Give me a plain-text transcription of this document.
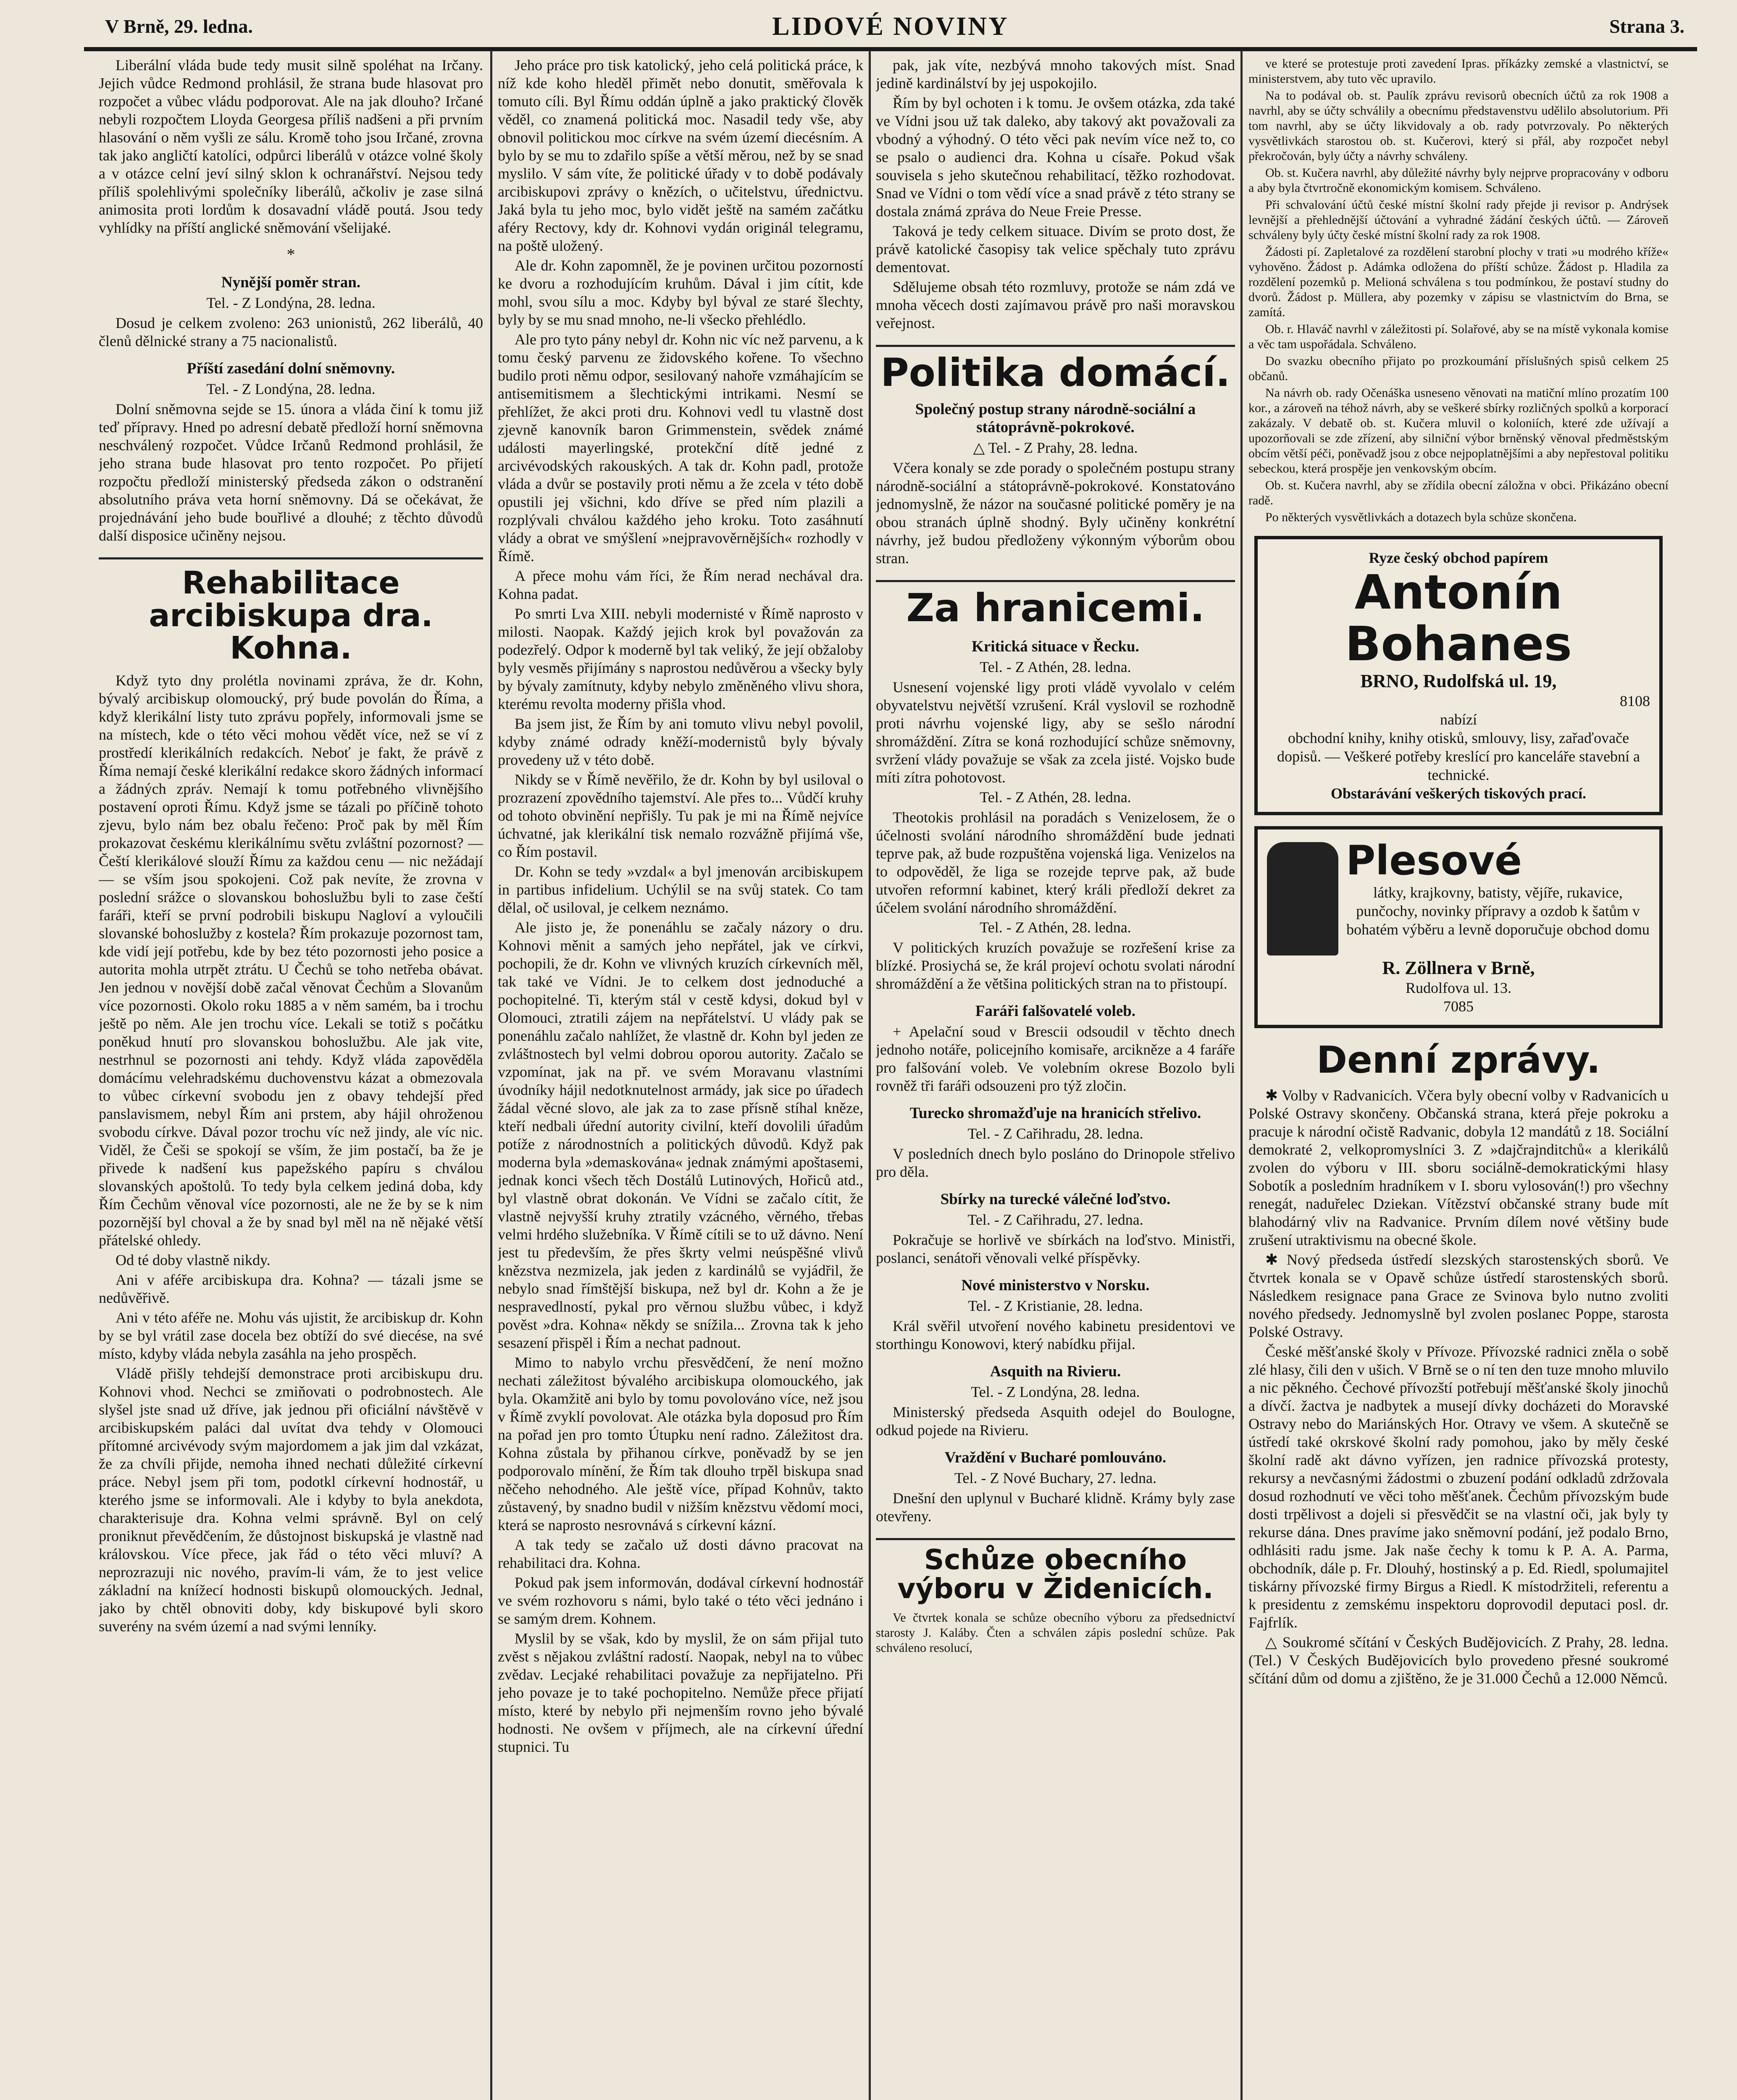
V Brně, 29. ledna.	LIDOVÉ NOVINY	Strana 3.

Liberální vláda bude tedy musit silně spoléhat na Irčany. Jejich vůdce Redmond prohlásil, že strana bude hlasovat pro rozpočet a vůbec vládu podporovat. Ale na jak dlouho? Irčané nebyli rozpočtem Lloyda Georgesa příliš nadšeni a při prvním hlasování o něm vyšli ze sálu. Kromě toho jsou Irčané, zrovna tak jako angličtí katolíci, odpůrci liberálů v otázce volné školy a v otázce celní jeví silný sklon k ochranářství. Nejsou tedy příliš spolehlivými společníky liberálů, ačkoliv je zase silná animosita proti lordům k dosavadní vládě poutá. Jsou tedy vyhlídky na příští anglické sněmování všelijaké.

*
Nynější poměr stran.
Tel. - Z Londýna, 28. ledna.

Dosud je celkem zvoleno: 263 unionistů, 262 liberálů, 40 členů dělnické strany a 75 nacionalistů.

Příští zasedání dolní sněmovny.
Tel. - Z Londýna, 28. ledna.

Dolní sněmovna sejde se 15. února a vláda činí k tomu již teď přípravy. Hned po adresní debatě předloží horní sněmovna neschválený rozpočet. Vůdce Irčanů Redmond prohlásil, že jeho strana bude hlasovat pro tento rozpočet. Po přijetí rozpočtu předloží ministerský předseda zákon o odstranění absolutního práva veta horní sněmovny. Dá se očekávat, že projednávání jeho bude bouřlivé a dlouhé; z těchto důvodů další disposice učiněny nejsou.

Rehabilitace arcibiskupa dra. Kohna.

Když tyto dny prolétla novinami zpráva, že dr. Kohn, bývalý arcibiskup olomoucký, prý bude povolán do Říma, a když klerikální listy tuto zprávu popřely, informovali jsme se na místech, kde o této věci mohou vědět více, než se ví z prostředí klerikálních redakcích. Neboť je fakt, že právě z Říma nemají české klerikální redakce skoro žádných informací a žádných zpráv. Nemají k tomu potřebného vlivnějšího postavení oproti Římu. Když jsme se tázali po příčině tohoto zjevu, bylo nám bez obalu řečeno: Proč pak by měl Řím prokazovat českému klerikálnímu světu zvláštní pozornost? — Čeští klerikálové slouží Římu za každou cenu — nic nežádají — se vším jsou spokojeni. Což pak nevíte, že zrovna v poslední srážce o slovanskou bohoslužbu byli to zase čeští faráři, kteří se první podrobili biskupu Nagloví a vyloučili slovanské bohoslužby z kostela? Řím prokazuje pozornost tam, kde vidí její potřebu, kde by bez této pozornosti jeho posice a autorita mohla utrpět ztrátu. U Čechů se toho netřeba obávat. Jen jednou v novější době začal věnovat Čechům a Slovanům více pozornosti. Okolo roku 1885 a v něm samém, ba i trochu ještě po něm. Ale jen trochu více. Lekali se totiž s počátku poněkud hnutí pro slovanskou bohoslužbu. Ale jak vite, nestrhnul se pozornosti ani tehdy. Když vláda zapověděla domácímu velehradskému duchovenstvu kázat a obmezovala to vůbec církevní svobodu jen z obavy tehdejší před panslavismem, nebyl Řím ani prstem, aby hájil ohroženou svobodu církve. Dával pozor trochu víc než jindy, ale víc nic. Viděl, že Češi se spokojí se vším, že jim postačí, ba že je přivede k nadšení kus papežského papíru s chválou slovanských apoštolů. To tedy byla celkem jediná doba, kdy Řím Čechům věnoval více pozornosti, ale ne že by se k nim pozornější byl choval a že by snad byl měl na ně nějaké větší přátelské ohledy.

Od té doby vlastně nikdy.

Ani v aféře arcibiskupa dra. Kohna? — tázali jsme se nedůvěřivě.

Ani v této aféře ne. Mohu vás ujistit, že arcibiskup dr. Kohn by se byl vrátil zase docela bez obtíží do své diecése, na své místo, kdyby vláda nebyla zasáhla na jeho prospěch.

Vládě přišly tehdejší demonstrace proti arcibiskupu dru. Kohnovi vhod. Nechci se zmiňovati o podrobnostech. Ale slyšel jste snad už dříve, jak jednou při oficiální návštěvě v arcibiskupském paláci dal uvítat dva tehdy v Olomouci přítomné arcivévody svým majordomem a jak jim dal vzkázat, že za chvíli přijde, nemoha ihned nechati důležité církevní práce. Nebyl jsem při tom, podotkl církevní hodnostář, u kterého jsme se informovali. Ale i kdyby to byla anekdota, charakterisuje dra. Kohna velmi správně. Byl on celý proniknut převědčením, že důstojnost biskupská je vlastně nad královskou. Více přece, jak řád o této věci mluví? A neprozrazuji nic nového, pravím-li vám, že to jest velice základní na knížecí hodnosti biskupů olomouckých. Jednal, jako by chtěl obnoviti doby, kdy biskupové byli skoro suverény na svém území a nad svými lenníky.

Jeho práce pro tisk katolický, jeho celá politická práce, k níž kde koho hleděl přimět nebo donutit, směřovala k tomuto cíli. Byl Římu oddán úplně a jako praktický člověk věděl, co znamená politická moc. Nasadil tedy vše, aby obnovil politickou moc církve na svém území diecésním. A bylo by se mu to zdařilo spíše a větší měrou, než by se snad myslilo. V sám víte, že politické úřady v to době podávaly arcibiskupovi zprávy o knězích, o učitelstvu, úřednictvu. Jaká byla tu jeho moc, bylo vidět ještě na samém začátku aféry Rectovy, kdy dr. Kohnovi vydán originál telegramu, na poště uložený.

Ale dr. Kohn zapomněl, že je povinen určitou pozorností ke dvoru a rozhodujícím kruhům. Dával i jim cítit, kde mohl, svou sílu a moc. Kdyby byl býval ze staré šlechty, byly by se mu snad mnoho, ne-li všecko přehlédlo.

Ale pro tyto pány nebyl dr. Kohn nic víc než parvenu, a k tomu český parvenu ze židovského kořene. To všechno budilo proti němu odpor, sesilovaný nahoře vzmáhajícím se antisemitismem a šlechtickými intrikami. Nesmí se přehlížet, že akci proti dru. Kohnovi vedl tu vlastně dost zjevně kanovník baron Grimmenstein, svědek známé události mayerlingské, protekční dítě jedné z arcivévodských rakouských. A tak dr. Kohn padl, protože vláda a dvůr se postavily proti němu a že zcela v této době opustili jej všichni, kdo dříve se před ním plazili a rozplývali chválou každého jeho kroku. Toto zasáhnutí vlády a obrat ve smýšlení »nejpravověrnějších« rozhodly v Římě.

A přece mohu vám říci, že Řím nerad nechával dra. Kohna padat.

Po smrti Lva XIII. nebyli modernisté v Římě naprosto v milosti. Naopak. Každý jejich krok byl považován za podezřelý. Odpor k moderně byl tak veliký, že její obžaloby byly vesměs přijímány s naprostou nedůvěrou a všecky byly by bývaly zamítnuty, kdyby nebylo změněného vlivu shora, kterému revolta moderny přišla vhod.

Ba jsem jist, že Řím by ani tomuto vlivu nebyl povolil, kdyby známé odrady kněží-modernistů byly bývaly provedeny už v této době.

Nikdy se v Římě nevěřilo, že dr. Kohn by byl usiloval o prozrazení zpovědního tajemství. Ale přes to... Vůdčí kruhy od tohoto obvinění nepřišly. Tu pak je mi na Římě nejvíce úchvatné, jak klerikální tisk nemalo rozvážně přijímá vše, co Řím postavil.

Dr. Kohn se tedy »vzdal« a byl jmenován arcibiskupem in partibus infidelium. Uchýlil se na svůj statek. Co tam dělal, oč usiloval, je celkem neznámo.

Ale jisto je, že ponenáhlu se začaly názory o dru. Kohnovi měnit a samých jeho nepřátel, jak ve církvi, pochopili, že dr. Kohn ve vlivných kruzích církevních měl, tak také ve Vídni. Je to celkem dost jednoduché a pochopitelné. Ti, kterým stál v cestě kdysi, dokud byl v Olomouci, ztratili zájem na nepřátelství. U vlády pak se ponenáhlu začalo nahlížet, že vlastně dr. Kohn byl jeden ze zvláštnostech byl velmi dobrou oporou autority. Začalo se vzpomínat, jak na př. ve svém Moravanu vlastními úvodníky hájil nedotknutelnost armády, jak sice po úřadech žádal věcné slovo, ale jak za to zase přísně stíhal kněze, kteří nedbali úřední autority civilní, kteří dovolili úřadům potíže z národnostních a politických důvodů. Když pak moderna byla »demaskována« jednak známými apoštasemi, jednak konci všech těch Dostálů Lutinových, Hořiců atd., byl vlastně obrat dokonán. Ve Vídni se začalo cítit, že vlastně nejvyšší kruhy ztratily vzácného, věrného, třebas velmi hrdého služebníka. V Římě cítili se to už dávno. Není jest tu především, že přes škrty velmi neúspěšné vlivů knězstva nezmizela, jak jeden z kardinálů se vyjádřil, že nebylo snad římštější biskupa, než byl dr. Kohn a že je nespravedlností, pykal pro věrnou službu vůbec, i když pověst »dra. Kohna« někdy se snížila... Zrovna tak k jeho sesazení přispěl i Řím a nechat padnout.

Mimo to nabylo vrchu přesvědčení, že není možno nechati záležitost bývalého arcibiskupa olomouckého, jak byla. Okamžitě ani bylo by tomu povolováno více, než jsou v Římě zvyklí povolovat. Ale otázka byla doposud pro Řím na pořad jen pro tomto Útupku není radno. Záležitost dra. Kohna zůstala by přihanou církve, poněvadž by se jen podporovalo mínění, že Řím tak dlouho trpěl biskupa snad něčeho nehodného. Ale ještě více, případ Kohnův, takto zůstavený, by snadno budil v nižším knězstvu vědomí moci, která se naprosto nesrovnává s církevní kázní.

A tak tedy se začalo už dosti dávno pracovat na rehabilitaci dra. Kohna.

Pokud pak jsem informován, dodával církevní hodnostář ve svém rozhovoru s námi, bylo také o této věci jednáno i se samým drem. Kohnem.

Myslil by se však, kdo by myslil, že on sám přijal tuto zvěst s nějakou zvláštní radostí. Naopak, nebyl na to vůbec zvědav. Lecjaké rehabilitaci považuje za nepřijatelno. Při jeho povaze je to také pochopitelno. Nemůže přece přijatí místo, které by nebylo při nejmenším rovno jeho bývalé hodnosti. Ne ovšem v příjmech, ale na církevní úřední stupnici. Tu

pak, jak víte, nezbývá mnoho takových míst. Snad jedině kardinálství by jej uspokojilo.

Řím by byl ochoten i k tomu. Je ovšem otázka, zda také ve Vídni jsou už tak daleko, aby takový akt považovali za vbodný a výhodný. O této věci pak nevím více než to, co se psalo o audienci dra. Kohna u císaře. Pokud však souvisela s jeho skutečnou rehabilitací, těžko rozhodovat. Snad ve Vídni o tom vědí více a snad právě z této strany se dostala známá zpráva do Neue Freie Presse.

Taková je tedy celkem situace. Divím se proto dost, že právě katolické časopisy tak velice spěchaly tuto zprávu dementovat.

Sdělujeme obsah této rozmluvy, protože se nám zdá ve mnoha věcech dosti zajímavou právě pro naši moravskou veřejnost.

Politika domácí.
Společný postup strany národně-sociální a státoprávně-pokrokové.
△ Tel. - Z Prahy, 28. ledna.

Včera konaly se zde porady o společném postupu strany národně-sociální a státoprávně-pokrokové. Konstatováno jednomyslně, že názor na současné politické poměry je na obou stranách úplně shodný. Byly učiněny konkrétní návrhy, jež budou předloženy výkonným výborům obou stran.

Za hranicemi.
Kritická situace v Řecku.
Tel. - Z Athén, 28. ledna.

Usnesení vojenské ligy proti vládě vyvolalo v celém obyvatelstvu největší vzrušení. Král vyslovil se rozhodně proti návrhu vojenské ligy, aby se sešlo národní shromáždění. Zítra se koná rozhodující schůze sněmovny, svržení vlády považuje se však za zcela jisté. Vojsko bude míti zítra pohotovost.

Tel. - Z Athén, 28. ledna.

Theotokis prohlásil na poradách s Venizelosem, že o účelnosti svolání národního shromáždění bude jednati teprve pak, až bude rozpuštěna vojenská liga. Venizelos na to odpověděl, že liga se rozejde teprve pak, až bude utvořen reformní kabinet, který králi předloží dekret za účelem svolání národního shromáždění.

Tel. - Z Athén, 28. ledna.

V politických kruzích považuje se rozřešení krise za blízké. Prosiychá se, že král projeví ochotu svolati národní shromáždění a že většina politických stran na to přistoupí.

Faráři falšovatelé voleb.

+ Apelační soud v Brescii odsoudil v těchto dnech jednoho notáře, policejního komisaře, arcikněze a 4 faráře pro falšování voleb. Ve volebním okrese Bozolo byli rovněž tři faráři odsouzeni pro týž zločin.

Turecko shromažďuje na hranicích střelivo.
Tel. - Z Cařihradu, 28. ledna.

V posledních dnech bylo posláno do Drinopole střelivo pro děla.

Sbírky na turecké válečné loďstvo.
Tel. - Z Cařihradu, 27. ledna.

Pokračuje se horlivě ve sbírkách na loďstvo. Ministři, poslanci, senátoři věnovali velké příspěvky.

Nové ministerstvo v Norsku.
Tel. - Z Kristianie, 28. ledna.

Král svěřil utvoření nového kabinetu presidentovi ve storthingu Konowovi, který nabídku přijal.

Asquith na Rivieru.
Tel. - Z Londýna, 28. ledna.

Ministerský předseda Asquith odejel do Boulogne, odkud pojede na Rivieru.

Vraždění v Bucharé pomlouváno.
Tel. - Z Nové Buchary, 27. ledna.

Dnešní den uplynul v Bucharé klidně. Krámy byly zase otevřeny.

Schůze obecního výboru v Židenicích.

Ve čtvrtek konala se schůze obecního výboru za předsednictví starosty J. Kaláby. Čten a schválen zápis poslední schůze. Pak schváleno resolucí,

ve které se protestuje proti zavedení Ipras. příkázky zemské a vlastnictví, se ministerstvem, aby tuto věc upravilo.

Na to podával ob. st. Paulík zprávu revisorů obecních účtů za rok 1908 a navrhl, aby se účty schválily a obecnímu představenstvu udělilo absolutorium. Při tom navrhl, aby se účty likvidovaly a ob. rady potvrzovaly. Po některých vysvětlivkách starostou ob. st. Kučerovi, který si přál, aby rozpočet nebyl překročován, byly účty a návrhy schváleny.

Ob. st. Kučera navrhl, aby důležité návrhy byly nejprve propracovány v odboru a aby byla čtvrtročně ekonomickým komisem. Schváleno.

Při schvalování účtů české místní školní rady přejde ji revisor p. Andrýsek levnější a přehlednější účtování a vyhradné žádání českých účtů. — Zároveň schváleny byly účty české místní školní rady za rok 1908.

Žádosti pí. Zapletalové za rozdělení starobní plochy v trati »u modrého kříže« vyhověno. Žádost p. Adámka odložena do příští schůze. Žádost p. Hladila za rozdělení pozemků p. Melioná schválena s tou podmínkou, že postaví studny do dvorů. Žádost p. Müllera, aby pozemky v zápisu se vlastnictvím do Brna, se zamítá.

Ob. r. Hlaváč navrhl v záležitosti pí. Solařové, aby se na místě vykonala komise a věc tam uspořádala. Schváleno.

Do svazku obecního přijato po prozkoumání příslušných spisů celkem 25 občanů.

Na návrh ob. rady Očenáška usneseno věnovati na matiční mlíno prozatím 100 kor., a zároveň na téhož návrh, aby se veškeré sbírky rozličných spolků a korporací zakázaly. V debatě ob. st. Kučera mluvil o koloniích, které zde užívají a upozorňovali se zde zřízení, aby silniční výbor brněnský věnoval předměstským obcím větší péči, poněvadž jsou z obce nejpoplatnějšími a aby nepřestoval politiku sebeckou, která prospěje jen venkovským obcím.

Ob. st. Kučera navrhl, aby se zřídila obecní záložna v obci. Přikázáno obecní radě.

Po některých vysvětlivkách a dotazech byla schůze skončena.

Ryze český obchod papírem
Antonín Bohanes
BRNO, Rudolfská ul. 19,
8108
nabízí
obchodní knihy, knihy otisků, smlouvy, lisy, zařaďovače dopisů. — Veškeré potřeby kreslící pro kanceláře stavební a technické.
Obstarávání veškerých tiskových prací.
Plesové
látky, krajkovny, batisty, vějíře, rukavice, punčochy, novinky přípravy a ozdob k šatům v bohatém výběru a levně doporučuje obchod domu
R. Zöllnera v Brně,
Rudolfova ul. 13.
7085
Denní zprávy.

✱ Volby v Radvanicích. Včera byly obecní volby v Radvanicích u Polské Ostravy skončeny. Občanská strana, která přeje pokroku a pracuje k národní očistě Radvanic, dobyla 12 mandátů z 18. Sociální demokraté 2, velkopromyslníci 3. Z »dajčrajnditchů« a klerikálů zvolen do výboru v III. sboru sociálně-demokratickými hlasy Sobotík a posledním hradníkem v I. sboru vylosován(!) pro všechny renegát, naduřelec Dziekan. Vítězství občanské strany bude mít blahodárný vliv na Radvanice. Prvním dílem nové většiny bude zrušení utraktivismu na obecné škole.

✱ Nový předseda ústředí slezských starostenských sborů. Ve čtvrtek konala se v Opavě schůze ústředí starostenských sborů. Následkem resignace pana Grace ze Svinova bylo nutno zvoliti nového předsedy. Jednomyslně byl zvolen poslanec Poppe, starosta Polské Ostravy.

České měšťanské školy v Přívoze. Přívozské radnici zněla o sobě zlé hlasy, čili den v ušich. V Brně se o ní ten den tuze mnoho mluvilo a nic pěkného. Čechové přívozští potřebují měšťanské školy jinochů a dívčí. žactva je nadbytek a musejí dívky docházeti do Moravské Ostravy nebo do Mariánských Hor. Otravy ve všem. A skutečně se ústředí také okrskové školní rady pomohou, jako by měly české školní radě akt dávno vyřízen, jen radnice přívozská protesty, rekursy a nevčasnými žádostmi o zbuzení podání odkladů zdržovala dosud rozhodnutí ve věci toho měšťanek. Čechům přívozským bude dosti trpělivost a dojeli si přesvědčit se na vlastní oči, jak byly ty rekurse dána. Dnes pravíme jako sněmovní podání, jež podalo Brno, odhlásiti radu jsme. Jak naše čechy k tomu k P. A. A. Parma, obchodník, dále p. Fr. Dlouhý, hostinský a p. Ed. Riedl, spolumajitel tiskárny přívozské firmy Birgus a Riedl. K místodržiteli, referentu a k presidentu z zemskému inspektoru doprovodil deputaci posl. dr. Fajfrlík.

△ Soukromé sčítání v Českých Budějovicích. Z Prahy, 28. ledna. (Tel.) V Českých Budějovicích bylo provedeno přesné soukromé sčítání dům od domu a zjištěno, že je 31.000 Čechů a 12.000 Němců.
